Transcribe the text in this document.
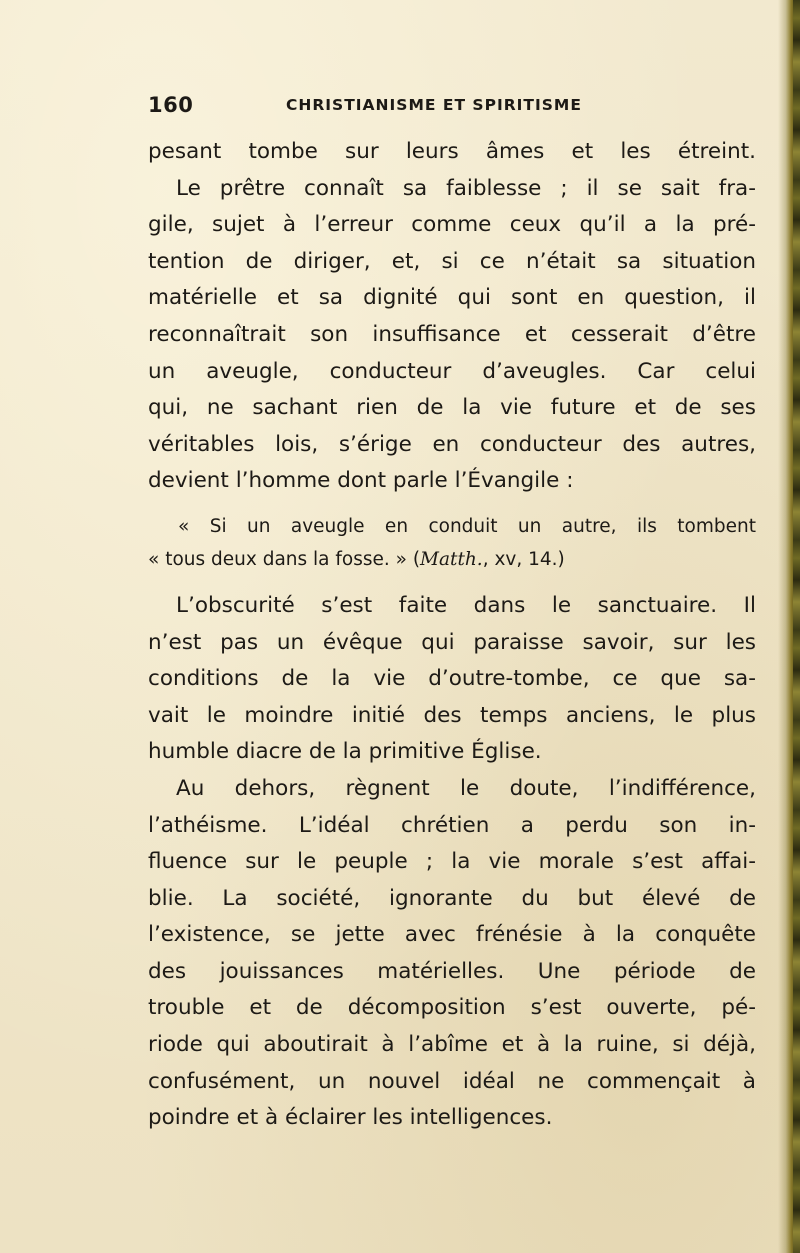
160	CHRISTIANISME ET SPIRITISME
pesant tombe sur leurs âmes et les étreint.
Le prêtre connaît sa faiblesse ; il se sait fra-
gile, sujet à l’erreur comme ceux qu’il a la pré-
tention de diriger, et, si ce n’était sa situation
matérielle et sa dignité qui sont en question, il
reconnaîtrait son insuffisance et cesserait d’être
un aveugle, conducteur d’aveugles. Car celui
qui, ne sachant rien de la vie future et de ses
véritables lois, s’érige en conducteur des autres,
devient l’homme dont parle l’Évangile :
« Si un aveugle en conduit un autre, ils tombent
« tous deux dans la fosse. » (Matth., xv, 14.)
L’obscurité s’est faite dans le sanctuaire. Il
n’est pas un évêque qui paraisse savoir, sur les
conditions de la vie d’outre-tombe, ce que sa-
vait le moindre initié des temps anciens, le plus
humble diacre de la primitive Église.
Au dehors, règnent le doute, l’indifférence,
l’athéisme. L’idéal chrétien a perdu son in-
fluence sur le peuple ; la vie morale s’est affai-
blie. La société, ignorante du but élevé de
l’existence, se jette avec frénésie à la conquête
des jouissances matérielles. Une période de
trouble et de décomposition s’est ouverte, pé-
riode qui aboutirait à l’abîme et à la ruine, si déjà,
confusément, un nouvel idéal ne commençait à
poindre et à éclairer les intelligences.
